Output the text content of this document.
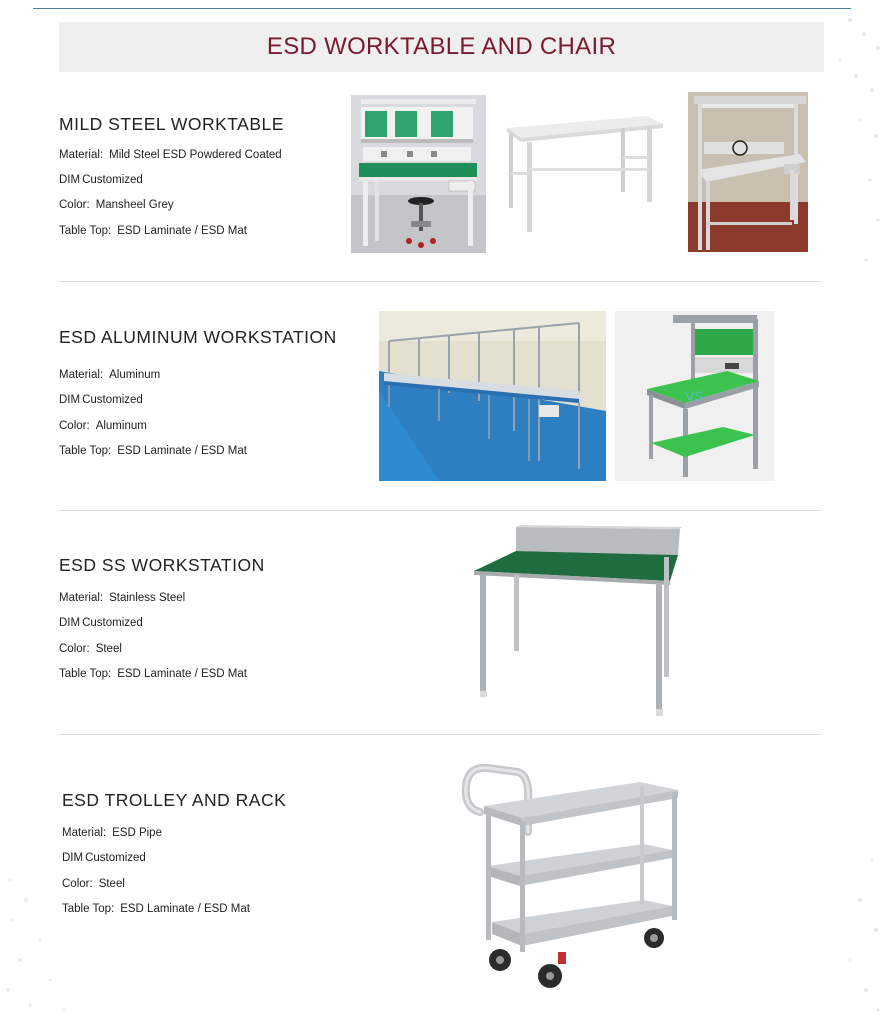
ESD WORKTABLE AND CHAIR
MILD STEEL WORKTABLE
Material: Mild Steel ESD Powdered Coated
DIM Customized
Color: Mansheel Grey
Table Top: ESD Laminate / ESD Mat
ESD ALUMINUM WORKSTATION
Material: Aluminum
DIM Customized
Color: Aluminum
Table Top: ESD Laminate / ESD Mat
VS
ESD SS WORKSTATION
Material: Stainless Steel
DIM Customized
Color: Steel
Table Top: ESD Laminate / ESD Mat
ESD TROLLEY AND RACK
Material: ESD Pipe
DIM Customized
Color: Steel
Table Top: ESD Laminate / ESD Mat
